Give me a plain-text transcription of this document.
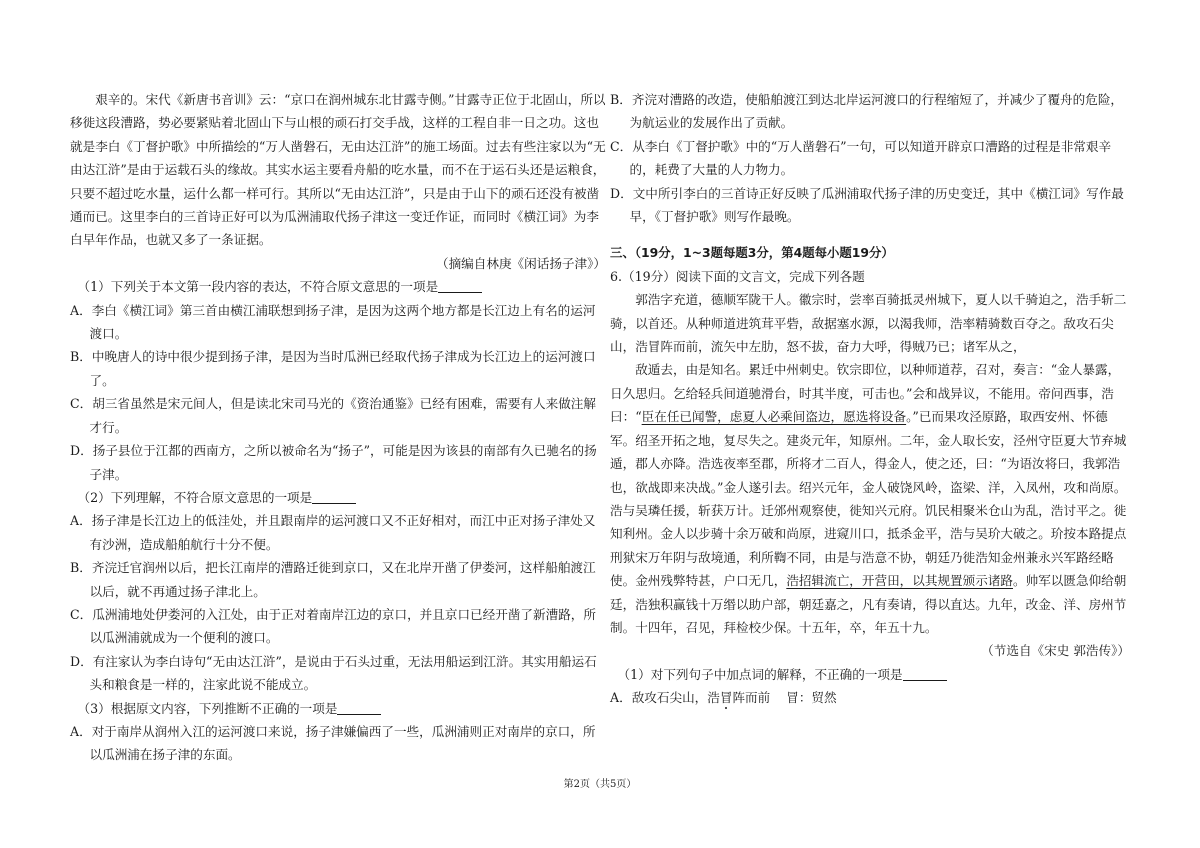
艰辛的。宋代《新唐书音训》云：“京口在润州城东北甘露寺侧。”甘露寺正位于北固山，所以移徙这段漕路，势必要紧贴着北固山下与山根的顽石打交手战，这样的工程自非一日之功。这也就是李白《丁督护歌》中所描绘的“万人凿磐石，无由达江浒”的施工场面。过去有些注家以为“无由达江浒”是由于运载石头的缘故。其实水运主要看舟船的吃水量，而不在于运石头还是运粮食，只要不超过吃水量，运什么都一样可行。其所以“无由达江浒”，只是由于山下的顽石还没有被凿通而已。这里李白的三首诗正好可以为瓜洲浦取代扬子津这一变迁作证，而同时《横江词》为李白早年作品，也就又多了一条证据。

（摘编自林庚《闲话扬子津》）

（1）下列关于本文第一段内容的表达，不符合原文意思的一项是

A．李白《横江词》第三首由横江浦联想到扬子津，是因为这两个地方都是长江边上有名的运河渡口。

B．中晚唐人的诗中很少提到扬子津，是因为当时瓜洲已经取代扬子津成为长江边上的运河渡口了。

C．胡三省虽然是宋元间人，但是读北宋司马光的《资治通鉴》已经有困难，需要有人来做注解才行。

D．扬子县位于江都的西南方，之所以被命名为“扬子”，可能是因为该县的南部有久已驰名的扬子津。

（2）下列理解，不符合原文意思的一项是

A．扬子津是长江边上的低洼处，并且跟南岸的运河渡口又不正好相对，而江中正对扬子津处又有沙洲，造成船舶航行十分不便。

B．齐浣迁官润州以后，把长江南岸的漕路迁徙到京口，又在北岸开凿了伊娄河，这样船舶渡江以后，就不再通过扬子津北上。

C．瓜洲浦地处伊娄河的入江处，由于正对着南岸江边的京口，并且京口已经开凿了新漕路，所以瓜洲浦就成为一个便利的渡口。

D．有注家认为李白诗句“无由达江浒”，是说由于石头过重，无法用船运到江浒。其实用船运石头和粮食是一样的，注家此说不能成立。

（3）根据原文内容，下列推断不正确的一项是

A．对于南岸从润州入江的运河渡口来说，扬子津嫌偏西了一些，瓜洲浦则正对南岸的京口，所以瓜洲浦在扬子津的东面。

B．齐浣对漕路的改造，使船舶渡江到达北岸运河渡口的行程缩短了，并减少了覆舟的危险，为航运业的发展作出了贡献。

C．从李白《丁督护歌》中的“万人凿磐石”一句，可以知道开辟京口漕路的过程是非常艰辛的，耗费了大量的人力物力。

D．文中所引李白的三首诗正好反映了瓜洲浦取代扬子津的历史变迁，其中《横江词》写作最早，《丁督护歌》则写作最晚。

三、（19分，1~3题每题3分，第4题每小题19分）

6.（19分）阅读下面的文言文，完成下列各题

郭浩字充道，德顺军陇干人。徽宗时，尝率百骑抵灵州城下，夏人以千骑迫之，浩手斩二骑，以首还。从种师道进筑茸平砦，敌据塞水源，以渴我师，浩率精骑数百夺之。敌攻石尖山，浩冒阵而前，流矢中左肋，怒不拔，奋力大呼，得贼乃已；诸军从之，

敌遁去，由是知名。累迁中州刺史。钦宗即位，以种师道荐，召对，奏言：“金人暴露，日久思归。乞给轻兵间道驰滑台，时其半度，可击也。”会和战异议，不能用。帝问西事，浩曰：“臣在任已闻警，虑夏人必乘间盗边，愿选将设备。”已而果攻泾原路，取西安州、怀德军。绍圣开拓之地，复尽失之。建炎元年，知原州。二年，金人取长安，泾州守臣夏大节弃城遁，郡人亦降。浩选夜率至郡，所将才二百人，得金人，使之还，曰：“为语汝将曰，我郭浩也，欲战即来决战。”金人遂引去。绍兴元年，金人破饶风岭，盗梁、洋，入凤州，攻和尚原。浩与吴璘任援，斩获万计。迁邠州观察使，徙知兴元府。饥民相聚米仓山为乱，浩讨平之。徙知利州。金人以步骑十余万破和尚原，进窥川口，抵杀金平，浩与吴玠大破之。玠按本路提点刑狱宋万年阴与敌境通，利所鞫不同，由是与浩意不协，朝廷乃徙浩知金州兼永兴军路经略使。金州残弊特甚，户口无几，浩招辑流亡，开营田，以其规置颁示诸路。帅军以匮急仰给朝廷，浩独积赢钱十万缗以助户部，朝廷嘉之，凡有奏请，得以直达。九年，改金、洋、房州节制。十四年，召见，拜检校少保。十五年，卒，年五十九。

（节选自《宋史 郭浩传》）

（1）对下列句子中加点词的解释，不正确的一项是

A．敌攻石尖山，浩冒阵而前 冒：贸然

第2页（共5页）
